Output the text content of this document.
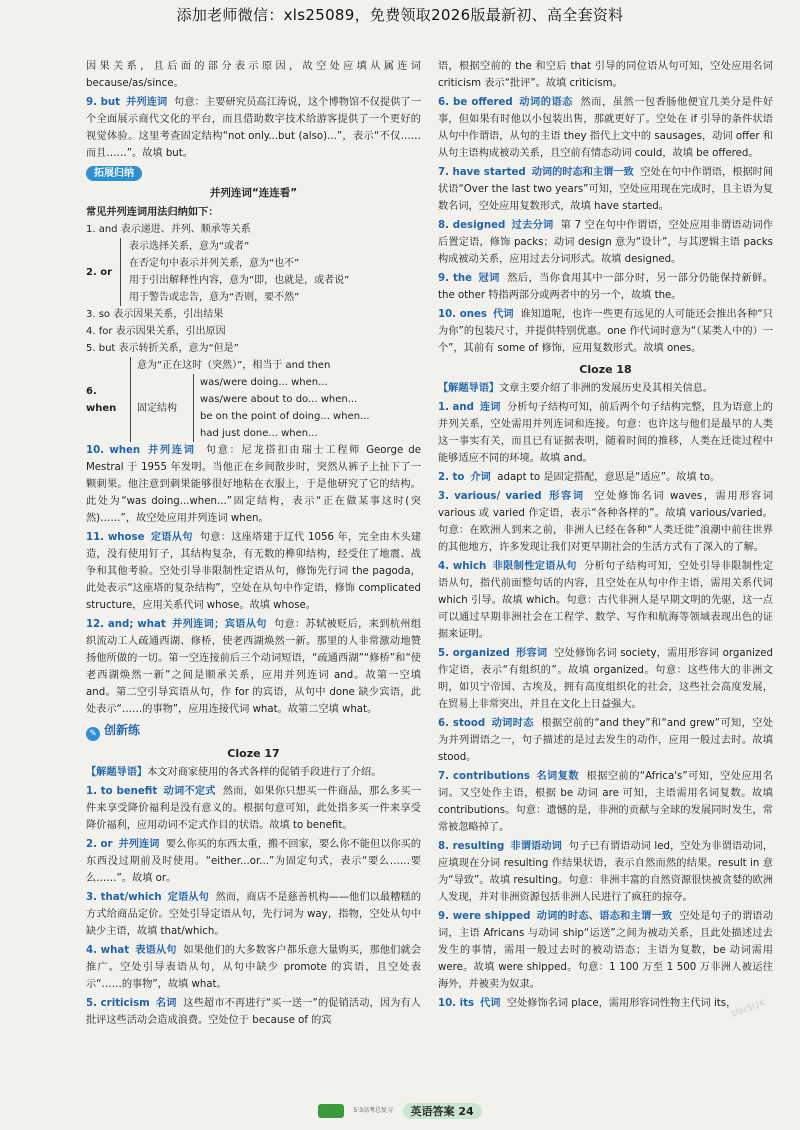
添加老师微信：xls25089，免费领取2026版最新初、高全套资料

因果关系，且后面的部分表示原因，故空处应填从属连词 because/as/since。

9. but 并列连词 句意：主要研究员高江涛说，这个博物馆不仅提供了一个全面展示商代文化的平台，而且借助数字技术给游客提供了一个更好的视觉体验。这里考查固定结构“not only...but (also)...”，表示“不仅……而且……”。故填 but。

拓展归纳
并列连词“连连看”
常见并列连词用法归纳如下：
1. and 表示递进、并列、顺承等关系
2. or
表示选择关系，意为“或者”
在否定句中表示并列关系，意为“也不”
用于引出解释性内容，意为“即，也就是，或者说”
用于警告或忠告，意为“否则，要不然”
3. so 表示因果关系，引出结果
4. for 表示因果关系，引出原因
5. but 表示转折关系，意为“但是”
6. when
意为“正在这时（突然）”，相当于 and then
固定结构
was/were doing... when...
was/were about to do... when...
be on the point of doing... when...
had just done... when...

10. when 并列连词 句意：尼龙搭扣由瑞士工程师 George de Mestral 于 1955 年发明。当他正在乡间散步时，突然从裤子上扯下了一颗刺果。他注意到刺果能够很好地粘在衣服上，于是他研究了它的结构。此处为“was doing...when...”固定结构，表示“正在做某事这时(突然)……”，故空处应用并列连词 when。

11. whose 定语从句 句意：这座塔建于辽代 1056 年，完全由木头建造，没有使用钉子，其结构复杂，有无数的榫卯结构，经受住了地震、战争和其他考验。空处引导非限制性定语从句，修饰先行词 the pagoda，此处表示“这座塔的复杂结构”，空处在从句中作定语，修饰 complicated structure，应用关系代词 whose。故填 whose。

12. and; what 并列连词；宾语从句 句意：苏轼被贬后，来到杭州组织流动工人疏通西湖、修桥，使老西湖焕然一新。那里的人非常激动地赞扬他所做的一切。第一空连接前后三个动词短语，“疏通西湖”“修桥”和“使老西湖焕然一新”之间是顺承关系，应用并列连词 and。故第一空填 and。第二空引导宾语从句，作 for 的宾语，从句中 done 缺少宾语，此处表示“……的事物”，应用连接代词 what。故第二空填 what。

✎ 创新练
Cloze 17

【解题导语】本文对商家使用的各式各样的促销手段进行了介绍。

1. to benefit 动词不定式 然而，如果你只想买一件商品，那么多买一件来享受降价福利是没有意义的。根据句意可知，此处指多买一件来享受降价福利，应用动词不定式作目的状语。故填 to benefit。

2. or 并列连词 要么你买的东西太重，搬不回家，要么你不能但以你买的东西没过期前及时使用。“either...or...”为固定句式，表示“要么……要么……”。故填 or。

3. that/which 定语从句 然而，商店不是慈善机构——他们以最糟糕的方式给商品定价。空处引导定语从句，先行词为 way，指物，空处从句中缺少主语，故填 that/which。

4. what 表语从句 如果他们的大多数客户都乐意大量购买，那他们就会推广。空处引导表语从句，从句中缺少 promote 的宾语，且空处表示“……的事物”，故填 what。

5. criticism 名词 这些超市不再进行“买一送一”的促销活动，因为有人批评这些活动会造成浪费。空处位于 because of 的宾

语，根据空前的 the 和空后 that 引导的同位语从句可知，空处应用名词 criticism 表示“批评”。故填 criticism。

6. be offered 动词的语态 然而，虽然一包香肠他便宜几美分是件好事，但如果有时他以小包装出售，那就更好了。空处在 if 引导的条件状语从句中作谓语，从句的主语 they 指代上文中的 sausages，动词 offer 和从句主语构成被动关系，且空前有情态动词 could，故填 be offered。

7. have started 动词的时态和主谓一致 空处在句中作谓语，根据时间状语“Over the last two years”可知，空处应用现在完成时，且主语为复数名词，空处应用复数形式，故填 have started。

8. designed 过去分词 第 7 空在句中作谓语，空处应用非谓语动词作后置定语，修饰 packs；动词 design 意为“设计”，与其逻辑主语 packs 构成被动关系，应用过去分词形式。故填 designed。

9. the 冠词 然后，当你食用其中一部分时，另一部分仍能保持新鲜。the other 特指两部分或两者中的另一个，故填 the。

10. ones 代词 谁知道呢，也许一些更有远见的人可能还会推出各种“只为你”的包装尺寸，并提供特别优惠。one 作代词时意为“（某类人中的）一个”，其前有 some of 修饰，应用复数形式。故填 ones。

Cloze 18

【解题导语】文章主要介绍了非洲的发展历史及其相关信息。

1. and 连词 分析句子结构可知，前后两个句子结构完整，且为语意上的并列关系，空处需用并列连词和连接。句意：也许这与他们是最早的人类这一事实有关，而且已有证据表明，随着时间的推移，人类在迁徙过程中能够适应不同的环境。故填 and。

2. to 介词 adapt to 是固定搭配，意思是“适应”。故填 to。

3. various/ varied 形容词 空处修饰名词 waves，需用形容词 various 或 varied 作定语，表示“各种各样的”。故填 various/varied。句意：在欧洲人到来之前，非洲人已经在各种“人类迁徙”浪潮中前往世界的其他地方，许多发现让我们对更早期社会的生活方式有了深入的了解。

4. which 非限制性定语从句 分析句子结构可知，空处引导非限制性定语从句，指代前面整句话的内容，且空处在从句中作主语，需用关系代词 which 引导。故填 which。句意：古代非洲人是早期文明的先驱，这一点可以通过早期非洲社会在工程学、数学、写作和航海等领域表现出色的证据来证明。

5. organized 形容词 空处修饰名词 society，需用形容词 organized 作定语，表示“有组织的”。故填 organized。句意：这些伟大的非洲文明，如贝宁帝国、古埃及，拥有高度组织化的社会，这些社会高度发展，在贸易上非常突出，并且在文化上日益强大。

6. stood 动词时态 根据空前的“and they”和“and grew”可知，空处为并列谓语之一，句子描述的是过去发生的动作，应用一般过去时。故填 stood。

7. contributions 名词复数 根据空前的“Africa's”可知，空处应用名词。又空处作主语，根据 be 动词 are 可知，主语需用名词复数。故填 contributions。句意：遗憾的是，非洲的贡献与全球的发展同时发生，常常被忽略掉了。

8. resulting 非谓语动词 句子已有谓语动词 led，空处为非谓语动词，应填现在分词 resulting 作结果状语，表示自然而然的结果。result in 意为“导致”。故填 resulting。句意：非洲丰富的自然资源很快被贪婪的欧洲人发现，并对非洲资源包括非洲人民进行了疯狂的掠夺。

9. were shipped 动词的时态、语态和主谓一致 空处是句子的谓语动词，主语 Africans 与动词 ship“运送”之间为被动关系，且此处描述过去发生的事情，需用一般过去时的被动语态；主语为复数，be 动词需用 were。故填 were shipped。句意：1 100 万至 1 500 万非洲人被运往海外，并被卖为奴隶。

10. its 代词 空处修饰名词 place，需用形容词性物主代词 its，

2f8c5t2K
5·3高考总复习 英语答案 24
